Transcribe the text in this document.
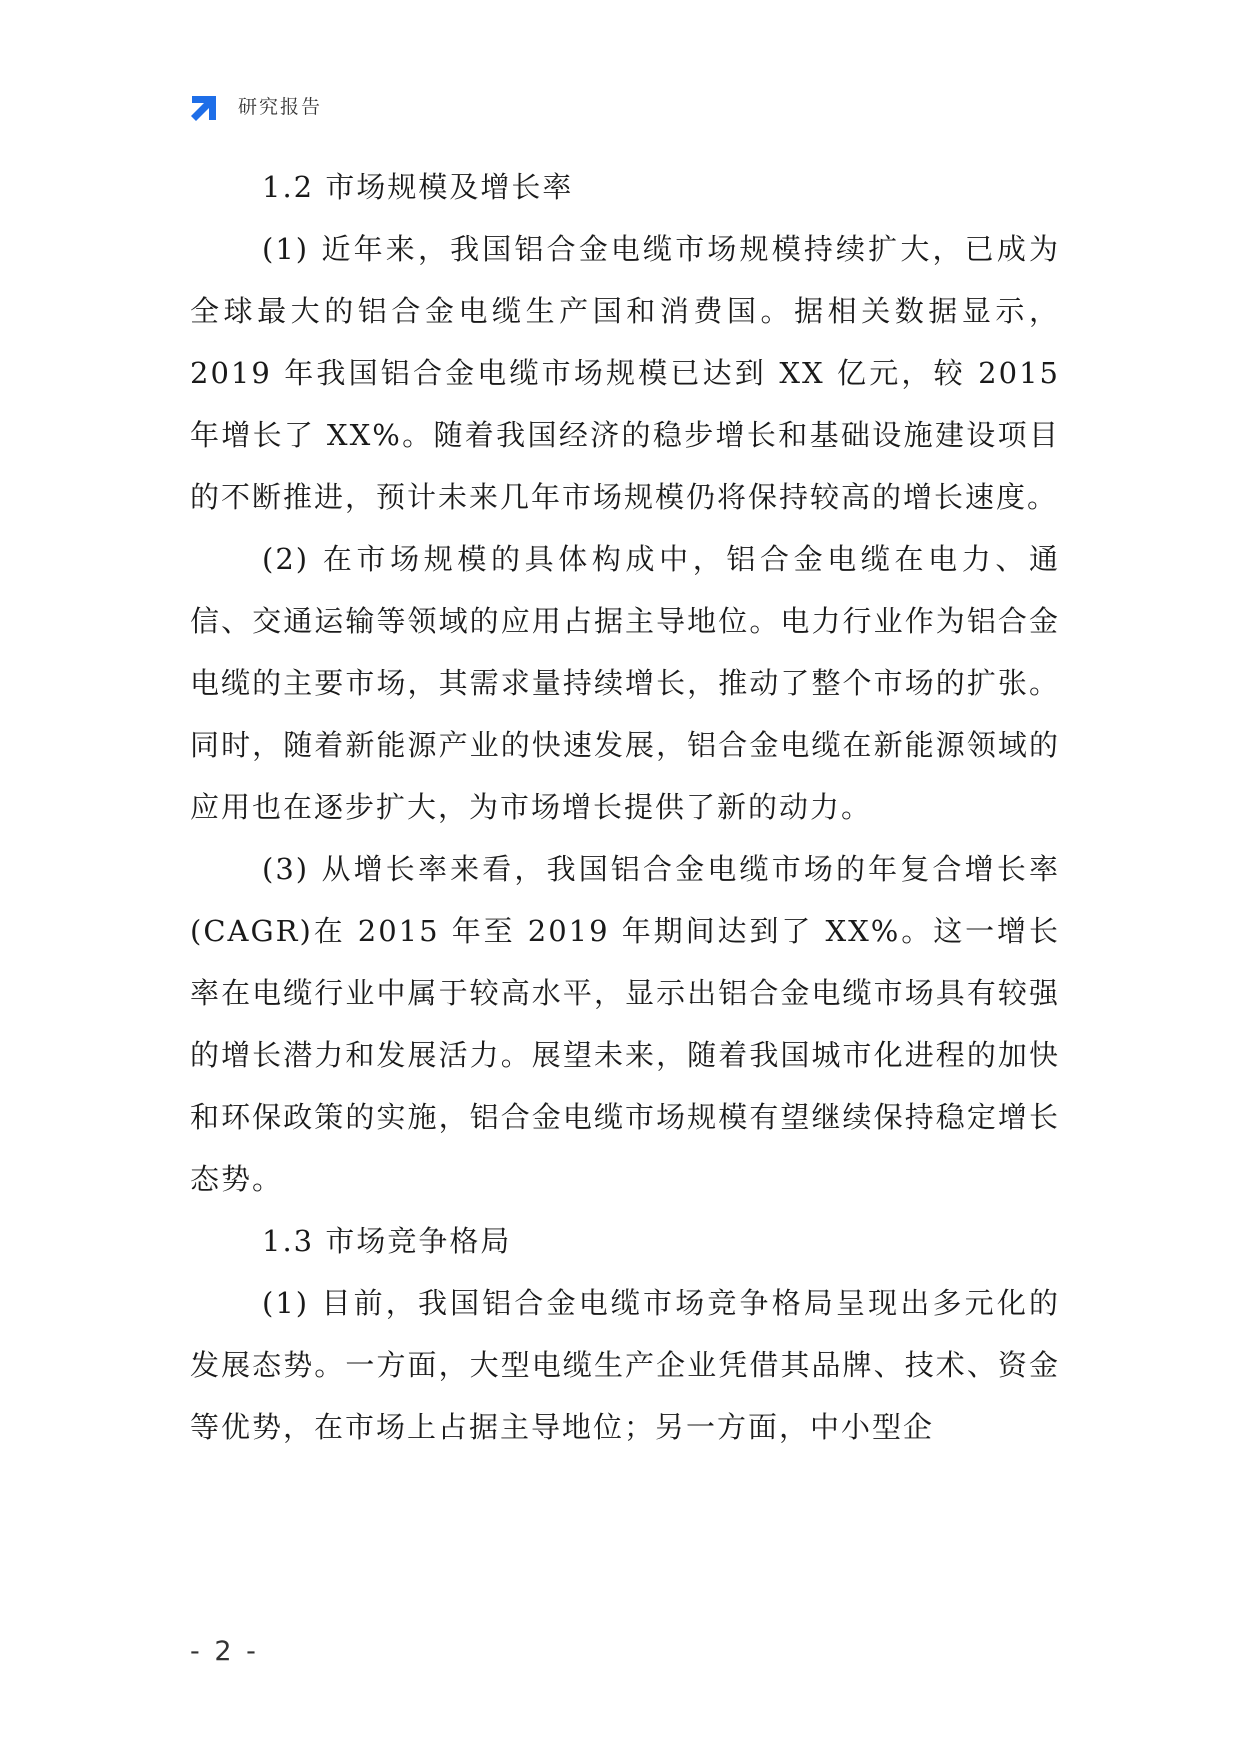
研究报告
1.2 市场规模及增长率

(1) 近年来，我国铝合金电缆市场规模持续扩大，已成为全球最大的铝合金电缆生产国和消费国。据相关数据显示，2019 年我国铝合金电缆市场规模已达到 XX 亿元，较 2015 年增长了 XX%。随着我国经济的稳步增长和基础设施建设项目的不断推进，预计未来几年市场规模仍将保持较高的增长速度。

(2) 在市场规模的具体构成中，铝合金电缆在电力、通信、交通运输等领域的应用占据主导地位。电力行业作为铝合金电缆的主要市场，其需求量持续增长，推动了整个市场的扩张。同时，随着新能源产业的快速发展，铝合金电缆在新能源领域的应用也在逐步扩大，为市场增长提供了新的动力。

(3) 从增长率来看，我国铝合金电缆市场的年复合增长率(CAGR)在 2015 年至 2019 年期间达到了 XX%。这一增长率在电缆行业中属于较高水平，显示出铝合金电缆市场具有较强的增长潜力和发展活力。展望未来，随着我国城市化进程的加快和环保政策的实施，铝合金电缆市场规模有望继续保持稳定增长态势。

1.3 市场竞争格局

(1) 目前，我国铝合金电缆市场竞争格局呈现出多元化的发展态势。一方面，大型电缆生产企业凭借其品牌、技术、资金等优势，在市场上占据主导地位；另一方面，中小型企

- 2 -
